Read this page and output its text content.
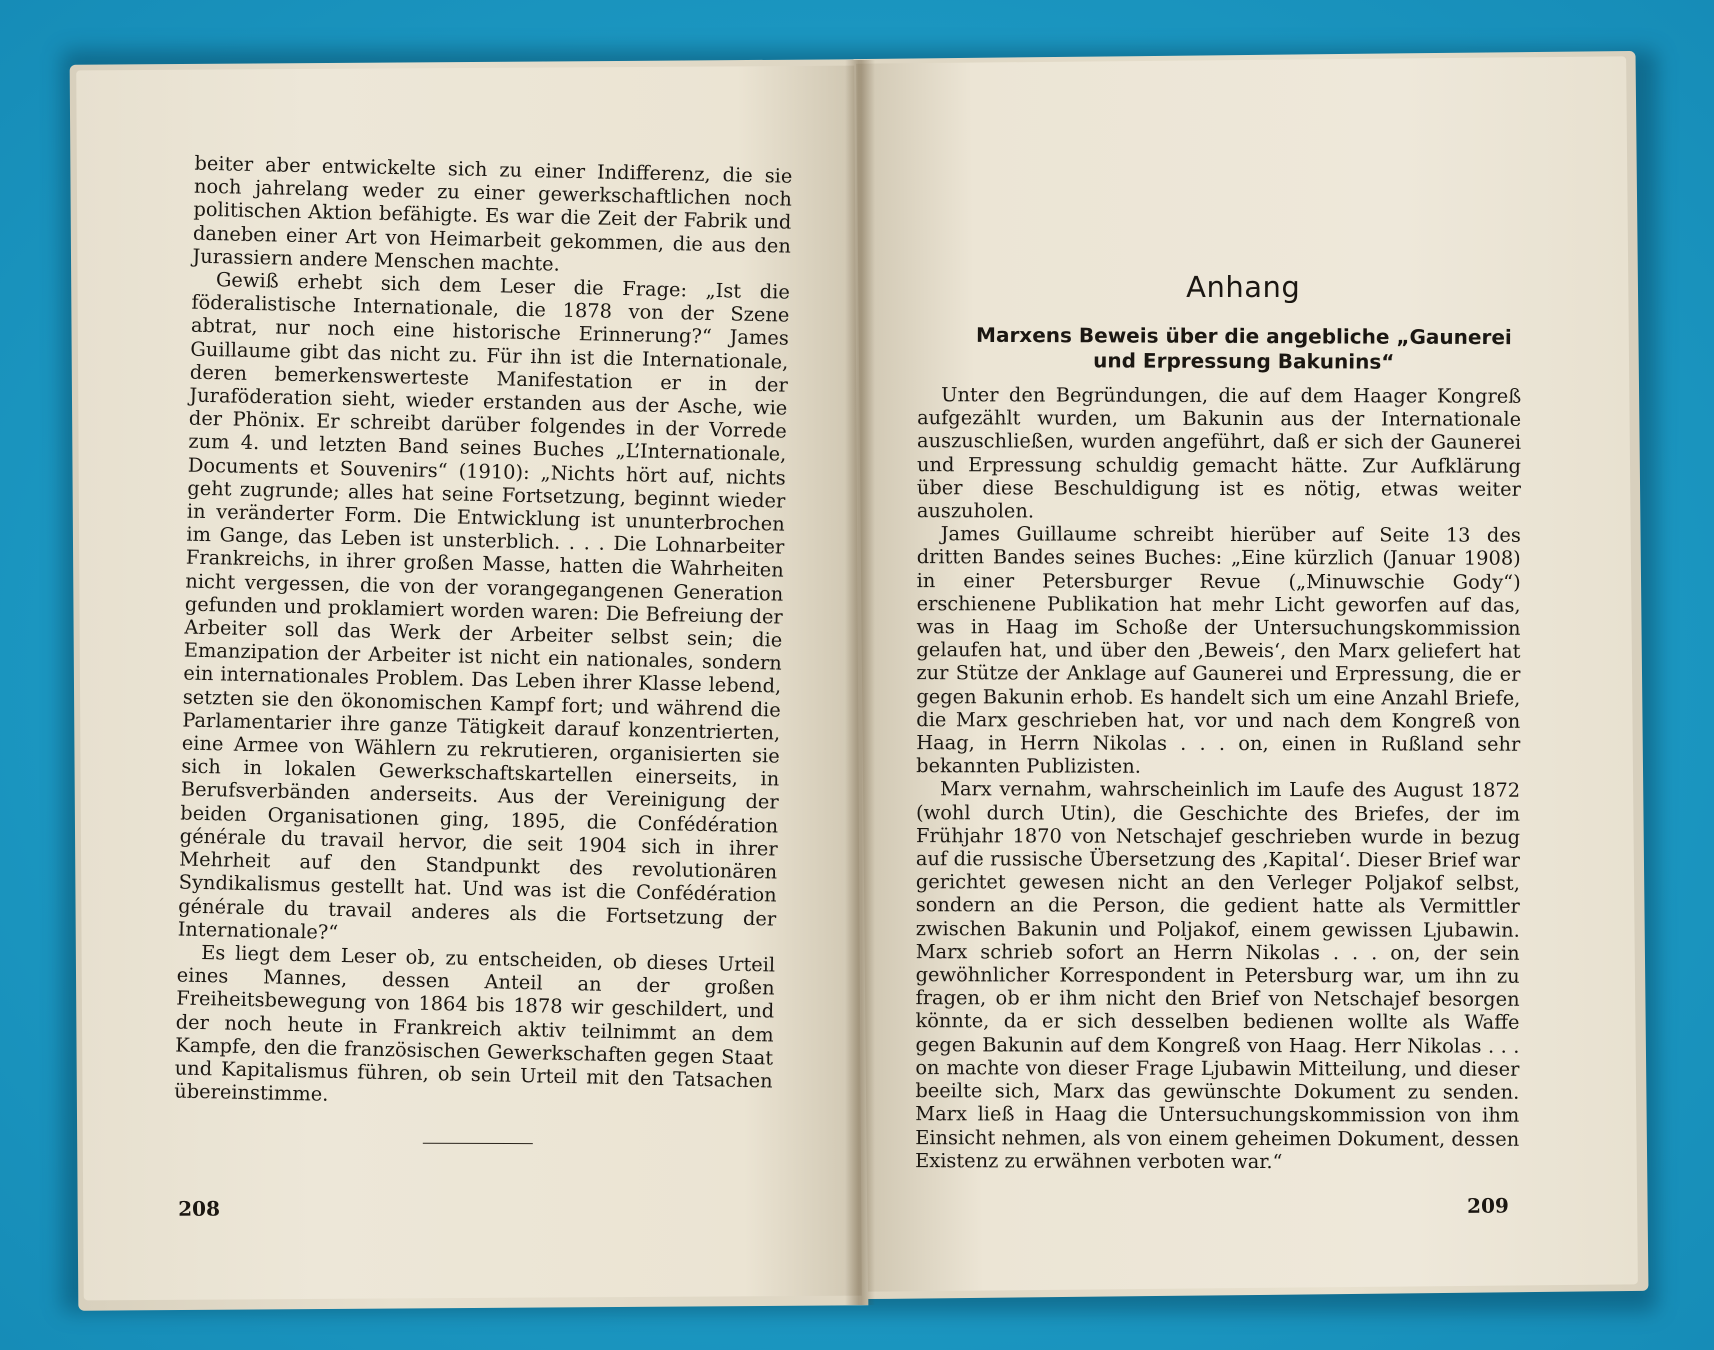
beiter aber entwickelte sich zu einer Indifferenz, die sie noch jahrelang weder zu einer gewerkschaftlichen noch politischen Aktion befähigte. Es war die Zeit der Fabrik und daneben einer Art von Heimarbeit gekommen, die aus den Jurassiern andere Menschen machte.

Gewiß erhebt sich dem Leser die Frage: „Ist die föderalistische Internationale, die 1878 von der Szene abtrat, nur noch eine historische Erinnerung?“ James Guillaume gibt das nicht zu. Für ihn ist die Internationale, deren bemerkenswerteste Manifestation er in der Juraföderation sieht, wieder erstanden aus der Asche, wie der Phönix. Er schreibt darüber folgendes in der Vorrede zum 4. und letzten Band seines Buches „L’Internationale, Documents et Souvenirs“ (1910): „Nichts hört auf, nichts geht zugrunde; alles hat seine Fortsetzung, beginnt wieder in veränderter Form. Die Entwicklung ist ununterbrochen im Gange, das Leben ist unsterblich. . . . Die Lohnarbeiter Frankreichs, in ihrer großen Masse, hatten die Wahrheiten nicht vergessen, die von der vorangegangenen Generation gefunden und proklamiert worden waren: Die Befreiung der Arbeiter soll das Werk der Arbeiter selbst sein; die Emanzipation der Arbeiter ist nicht ein nationales, sondern ein internationales Problem. Das Leben ihrer Klasse lebend, setzten sie den ökonomischen Kampf fort; und während die Parlamentarier ihre ganze Tätigkeit darauf konzentrierten, eine Armee von Wählern zu rekrutieren, organisierten sie sich in lokalen Gewerkschaftskartellen einerseits, in Berufsverbänden anderseits. Aus der Vereinigung der beiden Organisationen ging, 1895, die Confédération générale du travail hervor, die seit 1904 sich in ihrer Mehrheit auf den Standpunkt des revolutionären Syndikalismus gestellt hat. Und was ist die Confédération générale du travail anderes als die Fortsetzung der Internationale?“

Es liegt dem Leser ob, zu entscheiden, ob dieses Urteil eines Mannes, dessen Anteil an der großen Freiheitsbewegung von 1864 bis 1878 wir geschildert, und der noch heute in Frankreich aktiv teilnimmt an dem Kampfe, den die französischen Gewerkschaften gegen Staat und Kapitalismus führen, ob sein Urteil mit den Tatsachen übereinstimme.

208
Anhang
Marxens Beweis über die angebliche „Gaunerei
und Erpressung Bakunins“

Unter den Begründungen, die auf dem Haager Kongreß aufgezählt wurden, um Bakunin aus der Internationale auszuschließen, wurden angeführt, daß er sich der Gaunerei und Erpressung schuldig gemacht hätte. Zur Aufklärung über diese Beschuldigung ist es nötig, etwas weiter auszuholen.

James Guillaume schreibt hierüber auf Seite 13 des dritten Bandes seines Buches: „Eine kürzlich (Januar 1908) in einer Petersburger Revue („Minuwschie Gody“) erschienene Publikation hat mehr Licht geworfen auf das, was in Haag im Schoße der Untersuchungskommission gelaufen hat, und über den ‚Beweis‘, den Marx geliefert hat zur Stütze der Anklage auf Gaunerei und Erpressung, die er gegen Bakunin erhob. Es handelt sich um eine Anzahl Briefe, die Marx geschrieben hat, vor und nach dem Kongreß von Haag, in Herrn Nikolas . . . on, einen in Rußland sehr bekannten Publizisten.

Marx vernahm, wahrscheinlich im Laufe des August 1872 (wohl durch Utin), die Geschichte des Briefes, der im Frühjahr 1870 von Netschajef geschrieben wurde in bezug auf die russische Übersetzung des ‚Kapital‘. Dieser Brief war gerichtet gewesen nicht an den Verleger Poljakof selbst, sondern an die Person, die gedient hatte als Vermittler zwischen Bakunin und Poljakof, einem gewissen Ljubawin. Marx schrieb sofort an Herrn Nikolas . . . on, der sein gewöhnlicher Korrespondent in Petersburg war, um ihn zu fragen, ob er ihm nicht den Brief von Netschajef besorgen könnte, da er sich desselben bedienen wollte als Waffe gegen Bakunin auf dem Kongreß von Haag. Herr Nikolas . . . on machte von dieser Frage Ljubawin Mitteilung, und dieser beeilte sich, Marx das gewünschte Dokument zu senden. Marx ließ in Haag die Untersuchungskommission von ihm Einsicht nehmen, als von einem geheimen Dokument, dessen Existenz zu erwähnen verboten war.“

209
